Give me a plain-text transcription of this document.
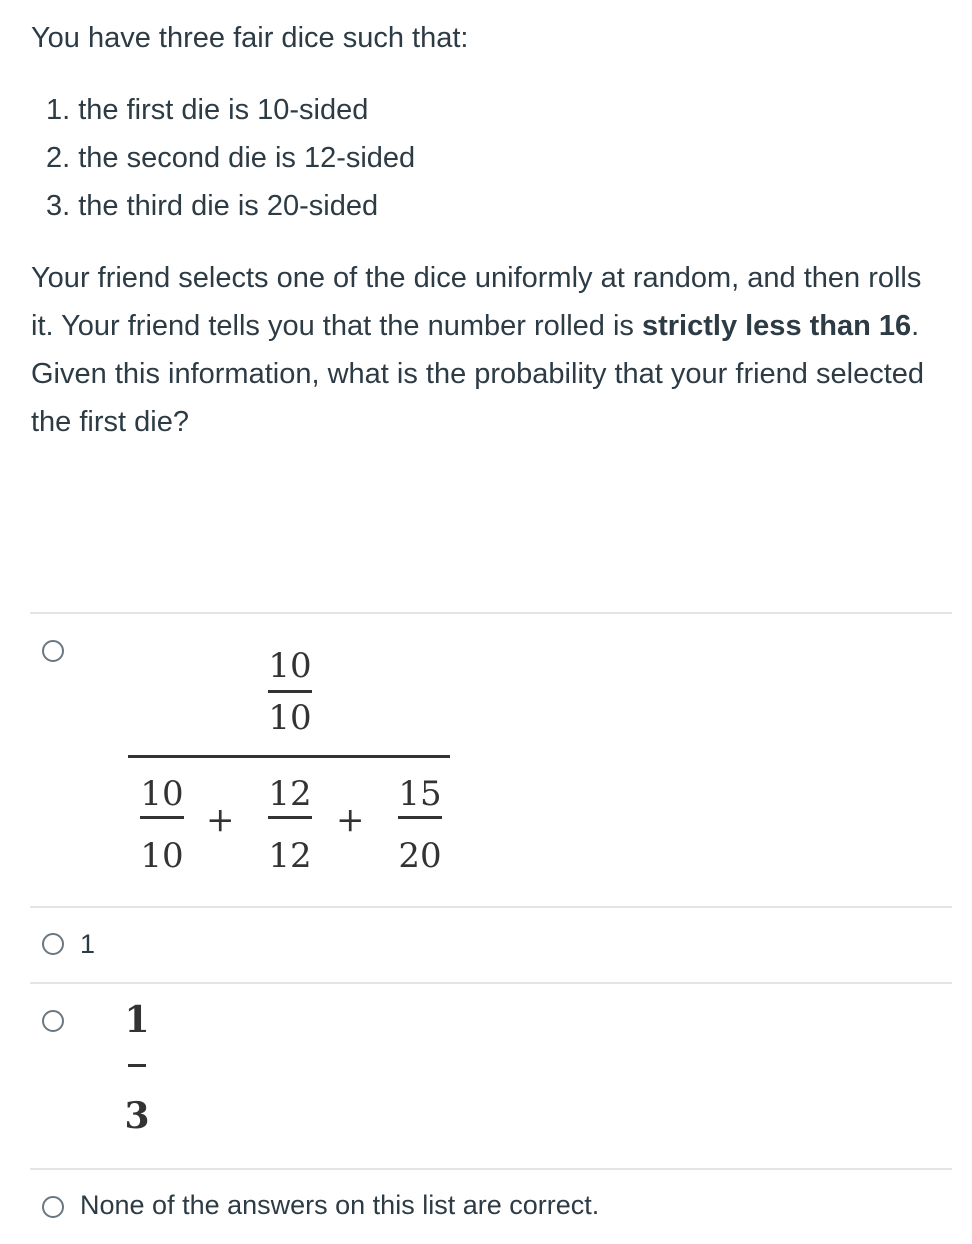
You have three fair dice such that:

1. the first die is 10-sided
2. the second die is 12-sided
3. the third die is 20-sided

Your friend selects one of the dice uniformly at random, and then rolls it. Your friend tells you that the number rolled is strictly less than 16. Given this information, what is the probability that your friend selected the first die?

10
10
10
10
+
12
12
+
15
20
1
1
3
None of the answers on this list are correct.
